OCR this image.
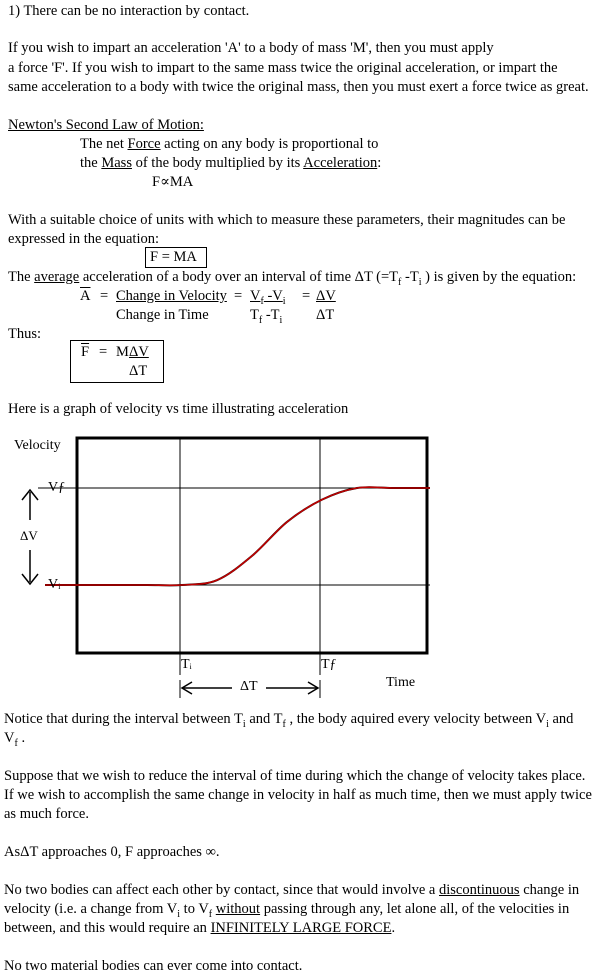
1) There can be no interaction by contact.
If you wish to impart an acceleration 'A' to a body of mass 'M', then you must apply
a force 'F'. If you wish to impart to the same mass twice the original acceleration, or impart the
same acceleration to a body with twice the original mass, then you must exert a force twice as great.
Newton's Second Law of Motion:
The net Force acting on any body is proportional to
the Mass of the body multiplied by its Acceleration:
F∝MA
With a suitable choice of units with which to measure these parameters, their magnitudes can be
expressed in the equation:
F = MA
The average acceleration of a body over an interval of time ΔT ($=T_f$ $-T_i$ ) is given by the equation:
$\overline{A}$ = Change in Velocity
Change in Time
= $V_f$ $-V_i$
$T_f$ $-T_i$
= ΔV
ΔT
Thus:
$\overline{F} = M$ ΔV
ΔT
Here is a graph of velocity vs time illustrating acceleration
Velocity
Vƒ
Vᵢ
ΔV
Tᵢ	Tƒ
ΔT	Time
Notice that during the interval between $T_i$ and $T_f$ , the body aquired every velocity between $V_i$ and
$V_f$ .
Suppose that we wish to reduce the interval of time during which the change of velocity takes place.
If we wish to accomplish the same change in velocity in half as much time, then we must apply twice
as much force.
AsΔT approaches 0, F approaches ∞.
No two bodies can affect each other by contact, since that would involve a discontinuous change in
velocity (i.e. a change from $V_i$ to $V_f$ without passing through any, let alone all, of the velocities in
between, and this would require an INFINITELY LARGE FORCE.
No two material bodies can ever come into contact.
